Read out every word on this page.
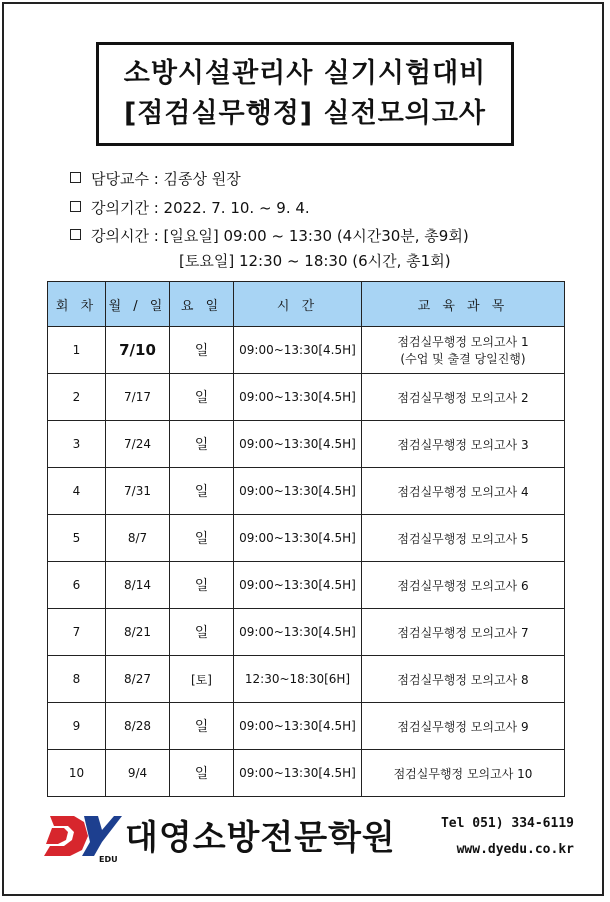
소방시설관리사 실기시험대비
[점검실무행정] 실전모의고사
담당교수 : 김종상 원장
강의기간 : 2022. 7. 10. ~ 9. 4.
강의시간 : [일요일] 09:00 ~ 13:30 (4시간30분, 총9회)
[토요일] 12:30 ~ 18:30 (6시간, 총1회)
회 차	월 / 일	요 일	시 간	교 육 과 목
1	7/10	일	09:00~13:30[4.5H]	점검실무행정 모의고사 1
(수업 및 출결 당일진행)

2	7/17	일	09:00~13:30[4.5H]	점검실무행정 모의고사 2
3	7/24	일	09:00~13:30[4.5H]	점검실무행정 모의고사 3
4	7/31	일	09:00~13:30[4.5H]	점검실무행정 모의고사 4
5	8/7	일	09:00~13:30[4.5H]	점검실무행정 모의고사 5
6	8/14	일	09:00~13:30[4.5H]	점검실무행정 모의고사 6
7	8/21	일	09:00~13:30[4.5H]	점검실무행정 모의고사 7
8	8/27	[토]	12:30~18:30[6H]	점검실무행정 모의고사 8
9	8/28	일	09:00~13:30[4.5H]	점검실무행정 모의고사 9
10	9/4	일	09:00~13:30[4.5H]	점검실무행정 모의고사 10
EDU
대영소방전문학원	Tel 051) 334-6119
www.dyedu.co.kr
